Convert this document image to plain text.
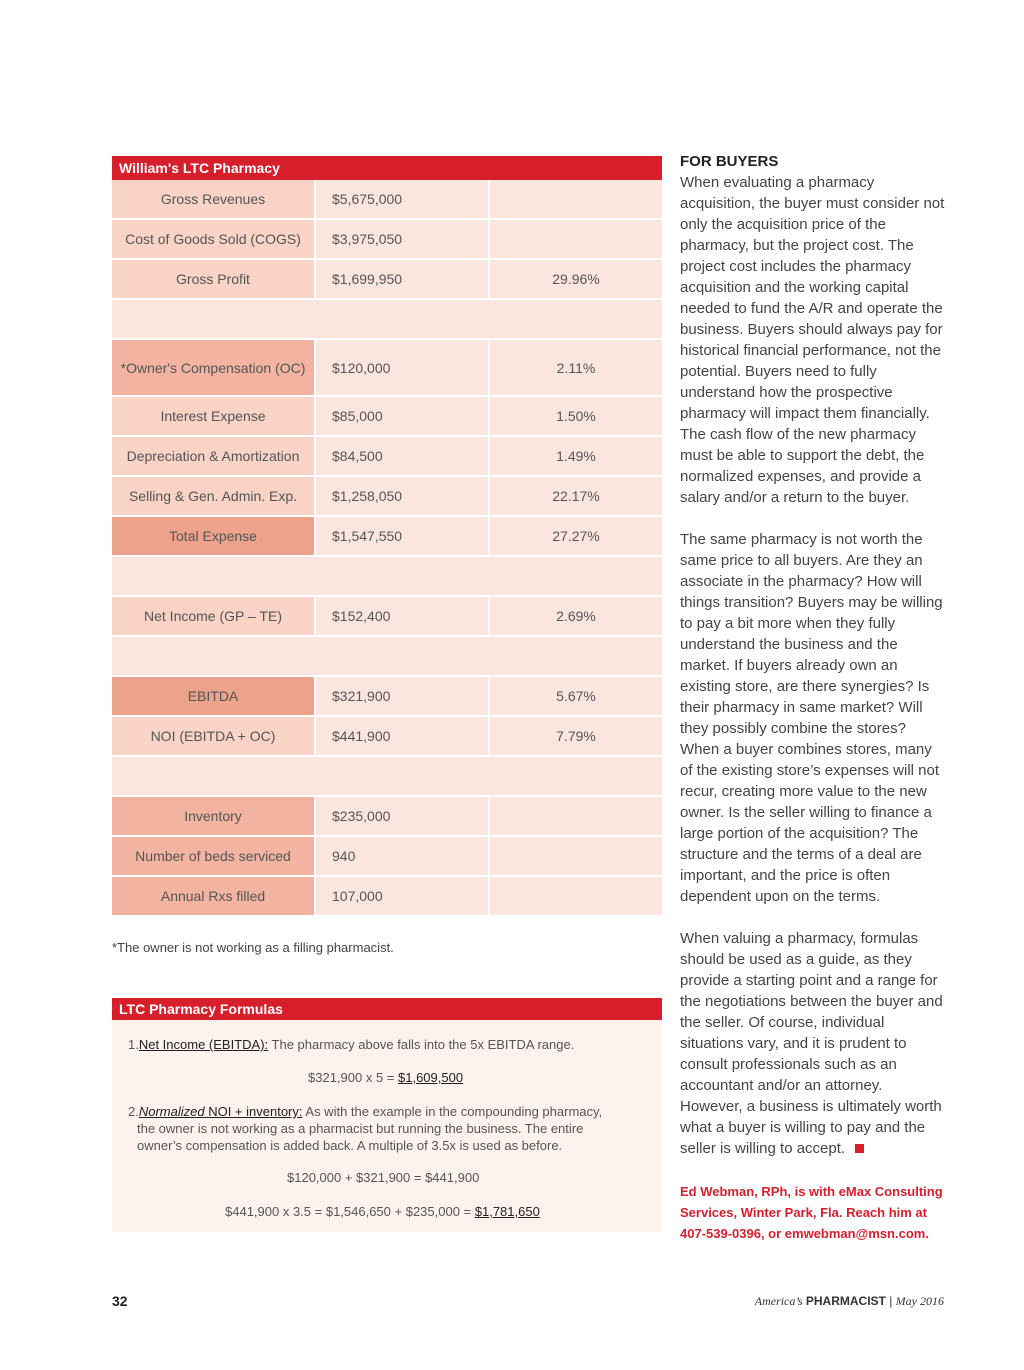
William's LTC Pharmacy
Gross Revenues	$5,675,000
Cost of Goods Sold (COGS)	$3,975,050
Gross Profit	$1,699,950	29.96%
*Owner's Compensation (OC)	$120,000	2.11%
Interest Expense	$85,000	1.50%
Depreciation & Amortization	$84,500	1.49%
Selling & Gen. Admin. Exp.	$1,258,050	22.17%
Total Expense	$1,547,550	27.27%
Net Income (GP – TE)	$152,400	2.69%
EBITDA	$321,900	5.67%
NOI (EBITDA + OC)	$441,900	7.79%
Inventory	$235,000
Number of beds serviced	940
Annual Rxs filled	107,000
*The owner is not working as a filling pharmacist.
LTC Pharmacy Formulas
1.Net Income (EBITDA): The pharmacy above falls into the 5x EBITDA range.
$321,900 x 5 = $1,609,500
2.Normalized NOI + inventory: As with the example in the compounding pharmacy,
the owner is not working as a pharmacist but running the business. The entire
owner’s compensation is added back. A multiple of 3.5x is used as before.
$120,000 + $321,900 = $441,900
$441,900 x 3.5 = $1,546,650 + $235,000 = $1,781,650
FOR BUYERS

When evaluating a pharmacy acquisition, the buyer must consider not only the acquisition price of the pharmacy, but the project cost. The project cost includes the pharmacy acquisition and the working capital needed to fund the A/R and operate the business. Buyers should always pay for historical financial performance, not the potential. Buyers need to fully understand how the prospective pharmacy will impact them financially. The cash flow of the new pharmacy must be able to support the debt, the normalized expenses, and provide a salary and/or a return to the buyer.

The same pharmacy is not worth the same price to all buyers. Are they an associate in the pharmacy? How will things transition? Buyers may be willing to pay a bit more when they fully understand the business and the market. If buyers already own an existing store, are there synergies? Is their pharmacy in same market? Will they possibly combine the stores? When a buyer combines stores, many of the existing store’s expenses will not recur, creating more value to the new owner. Is the seller willing to finance a large portion of the acquisition? The structure and the terms of a deal are important, and the price is often dependent upon on the terms.

When valuing a pharmacy, formulas should be used as a guide, as they provide a starting point and a range for the negotiations between the buyer and the seller. Of course, individual situations vary, and it is prudent to consult professionals such as an accountant and/or an attorney. However, a business is ultimately worth what a buyer is willing to pay and the seller is willing to accept.

Ed Webman, RPh, is with eMax Consulting Services, Winter Park, Fla. Reach him at 407-539-0396, or emwebman@msn.com.
32	America’s PHARMACIST | May 2016
